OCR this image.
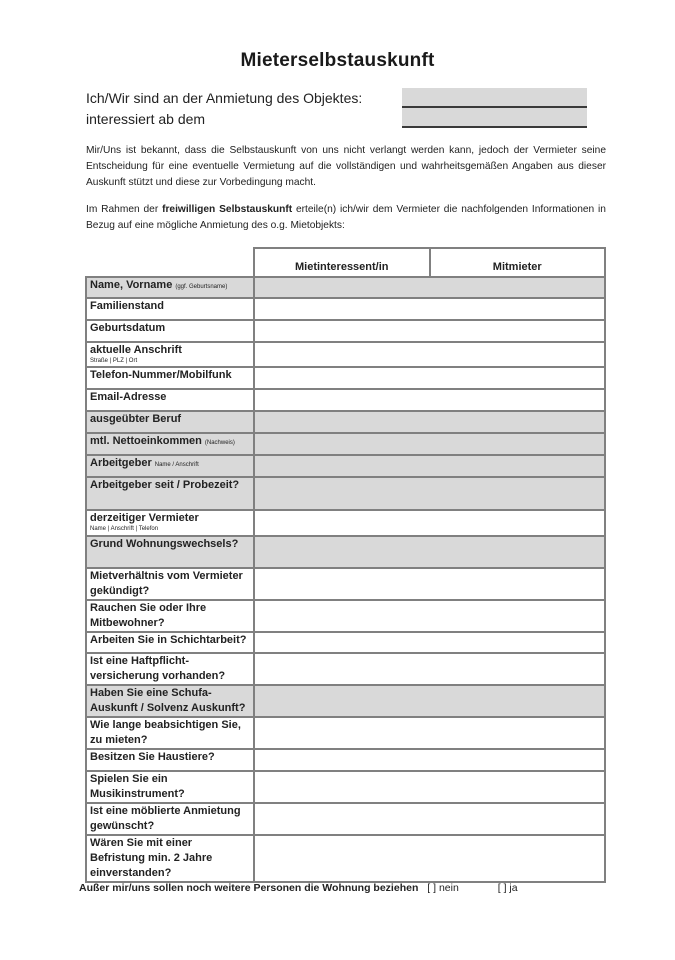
Mieterselbstauskunft
Ich/Wir sind an der Anmietung des Objektes:
interessiert ab dem
Mir/Uns ist bekannt, dass die Selbstauskunft von uns nicht verlangt werden kann, jedoch der Vermieter seine Entscheidung für eine eventuelle Vermietung auf die vollständigen und wahrheitsgemäßen Angaben aus dieser Auskunft stützt und diese zur Vorbedingung macht.
Im Rahmen der freiwilligen Selbstauskunft erteile(n) ich/wir dem Vermieter die nachfolgenden Informationen in Bezug auf eine mögliche Anmietung des o.g. Mietobjekts:
	Mietinteressent/in	Mitmieter
Name, Vorname (ggf. Geburtsname)		
Familienstand		
Geburtsdatum		
aktuelle Anschrift
Straße | PLZ | Ort		

Telefon-Nummer/Mobilfunk		
Email-Adresse		
ausgeübter Beruf		
mtl. Nettoeinkommen (Nachweis)		
Arbeitgeber Name / Anschrift		
Arbeitgeber seit / Probezeit?		
derzeitiger Vermieter
Name | Anschrift | Telefon		

Grund Wohnungswechsels?		
Mietverhältnis vom Vermieter gekündigt?		
Rauchen Sie oder Ihre Mitbewohner?		
Arbeiten Sie in Schichtarbeit?		
Ist eine Haftpflicht-versicherung vorhanden?		
Haben Sie eine Schufa-Auskunft / Solvenz Auskunft?		
Wie lange beabsichtigen Sie, zu mieten?		
Besitzen Sie Haustiere?		
Spielen Sie ein Musikinstrument?		
Ist eine möblierte Anmietung gewünscht?		
Wären Sie mit einer Befristung min. 2 Jahre einverstanden?		
Außer mir/uns sollen noch weitere Personen die Wohnung beziehen [ ] nein	[ ] ja
